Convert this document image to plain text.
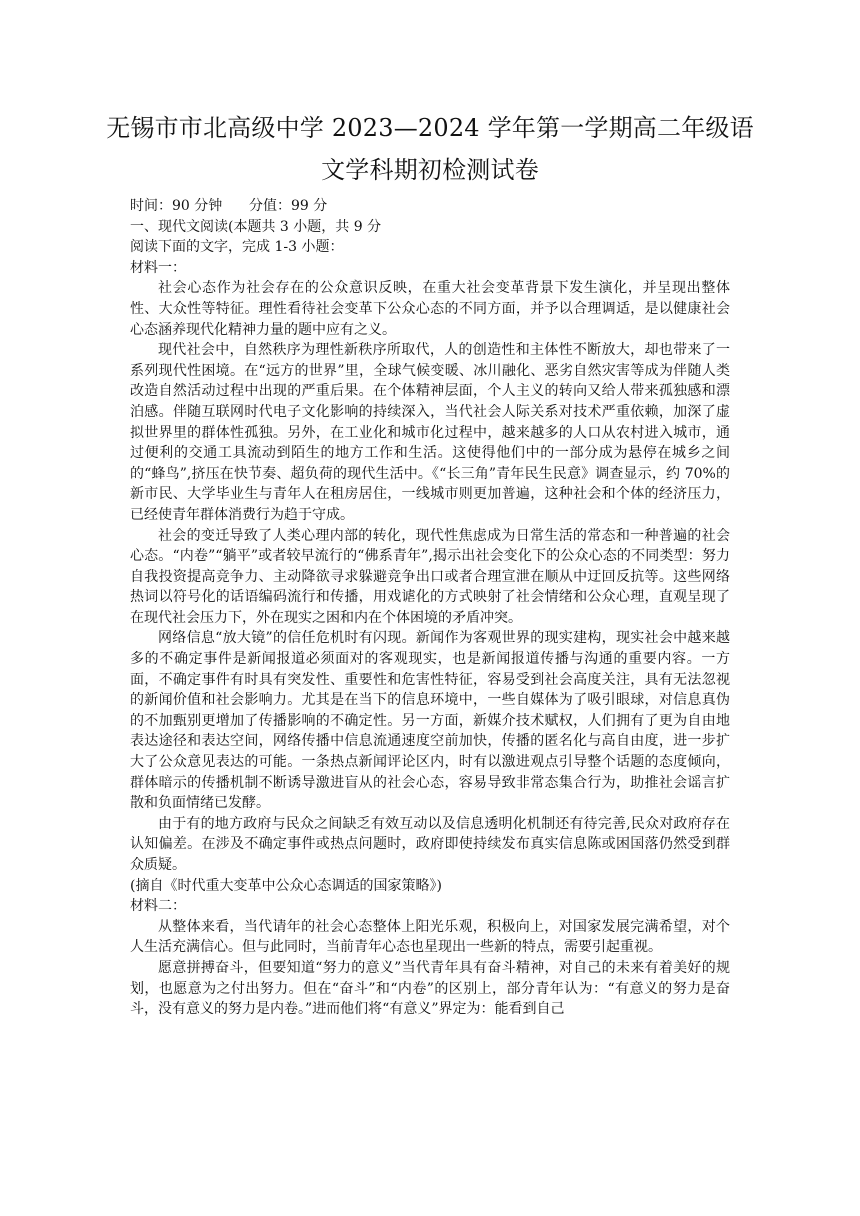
无锡市市北高级中学 2023—2024 学年第一学期高二年级语
文学科期初检测试卷

时间：90 分钟      分值：99 分

一、现代文阅读(本题共 3 小题，共 9 分

阅读下面的文字，完成 1-3 小题：

材料一：

社会心态作为社会存在的公众意识反映，在重大社会变革背景下发生演化，并呈现出整体性、大众性等特征。理性看待社会变革下公众心态的不同方面，并予以合理调适，是以健康社会心态涵养现代化精神力量的题中应有之义。

现代社会中，自然秩序为理性新秩序所取代，人的创造性和主体性不断放大，却也带来了一系列现代性困境。在“远方的世界”里，全球气候变暖、冰川融化、恶劣自然灾害等成为伴随人类改造自然活动过程中出现的严重后果。在个体精神层面，个人主义的转向又给人带来孤独感和漂泊感。伴随互联网时代电子文化影响的持续深入，当代社会人际关系对技术严重依赖，加深了虚拟世界里的群体性孤独。另外，在工业化和城市化过程中，越来越多的人口从农村进入城市，通过便利的交通工具流动到陌生的地方工作和生活。这使得他们中的一部分成为悬停在城乡之间的“蜂鸟”,挤压在快节奏、超负荷的现代生活中。《“长三角”青年民生民意》调查显示，约 70%的新市民、大学毕业生与青年人在租房居住，一线城市则更加普遍，这种社会和个体的经济压力，已经使青年群体消费行为趋于守成。

社会的变迁导致了人类心理内部的转化，现代性焦虑成为日常生活的常态和一种普遍的社会心态。“内卷”“躺平”或者较早流行的“佛系青年”,揭示出社会变化下的公众心态的不同类型：努力自我投资提高竞争力、主动降欲寻求躲避竞争出口或者合理宣泄在顺从中迂回反抗等。这些网络热词以符号化的话语编码流行和传播，用戏谑化的方式映射了社会情绪和公众心理，直观呈现了在现代社会压力下，外在现实之困和内在个体困境的矛盾冲突。

网络信息“放大镜”的信任危机时有闪现。新闻作为客观世界的现实建构，现实社会中越来越多的不确定事件是新闻报道必须面对的客观现实，也是新闻报道传播与沟通的重要内容。一方面，不确定事件有时具有突发性、重要性和危害性特征，容易受到社会高度关注，具有无法忽视的新闻价值和社会影响力。尤其是在当下的信息环境中，一些自媒体为了吸引眼球，对信息真伪的不加甄别更增加了传播影响的不确定性。另一方面，新媒介技术赋权，人们拥有了更为自由地表达途径和表达空间，网络传播中信息流通速度空前加快，传播的匿名化与高自由度，进一步扩大了公众意见表达的可能。一条热点新闻评论区内，时有以激进观点引导整个话题的态度倾向，群体暗示的传播机制不断诱导激进盲从的社会心态，容易导致非常态集合行为，助推社会谣言扩散和负面情绪已发酵。

由于有的地方政府与民众之间缺乏有效互动以及信息透明化机制还有待完善,民众对政府存在认知偏差。在涉及不确定事件或热点问题时，政府即使持续发布真实信息陈或困国落仍然受到群众质疑。

(摘自《时代重大变革中公众心态调适的国家策略》)

材料二：

从整体来看，当代请年的社会心态整体上阳光乐观，积极向上，对国家发展完满希望，对个人生活充满信心。但与此同时，当前青年心态也星现出一些新的特点，需要引起重视。

愿意拼搏奋斗，但要知道“努力的意义”当代青年具有奋斗精神，对自己的未来有着美好的规划，也愿意为之付出努力。但在“奋斗”和“内卷”的区别上，部分青年认为：“有意义的努力是奋斗，没有意义的努力是内卷。”进而他们将“有意义”界定为：能看到自己
